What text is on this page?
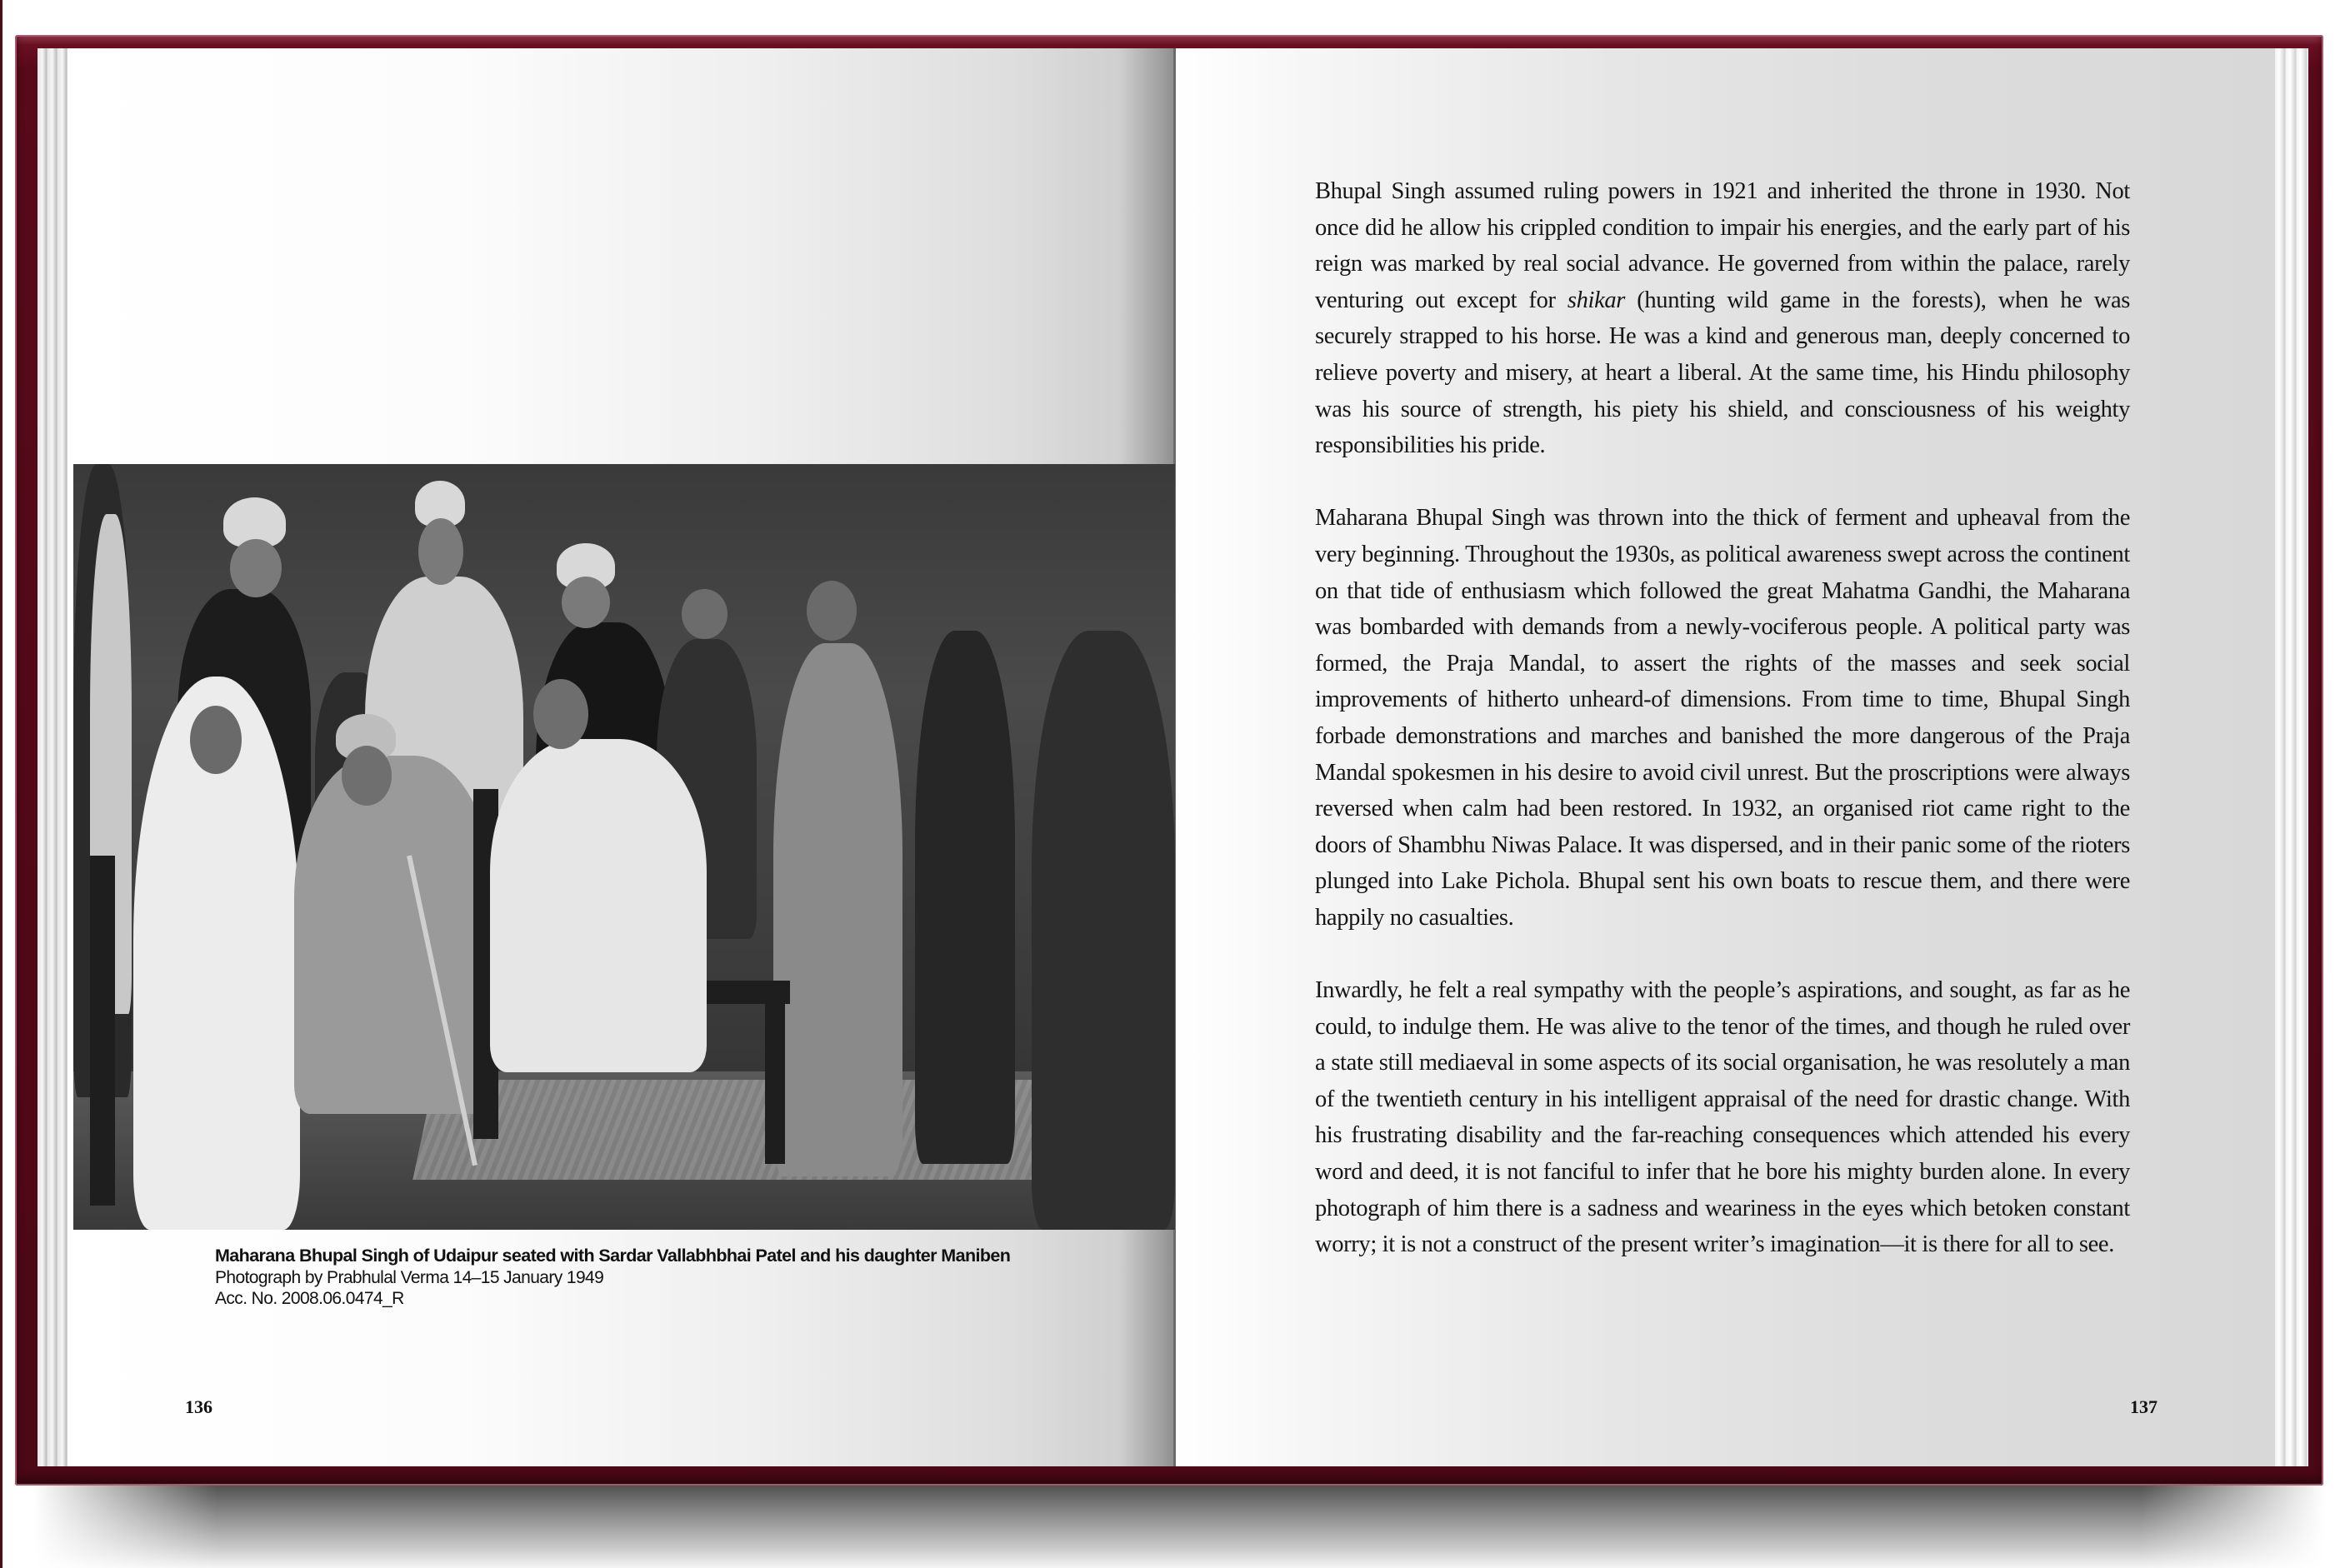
Maharana Bhupal Singh of Udaipur seated with Sardar Vallabhbhai Patel and his daughter Maniben
Photograph by Prabhulal Verma 14–15 January 1949
Acc. No. 2008.06.0474_R
136

Bhupal Singh assumed ruling powers in 1921 and inherited the throne in 1930. Not once did he allow his crippled condition to impair his energies, and the early part of his reign was marked by real social advance. He governed from within the palace, rarely venturing out except for shikar (hunting wild game in the forests), when he was securely strapped to his horse. He was a kind and generous man, deeply concerned to relieve poverty and misery, at heart a liberal. At the same time, his Hindu philosophy was his source of strength, his piety his shield, and consciousness of his weighty responsibilities his pride.

Maharana Bhupal Singh was thrown into the thick of ferment and upheaval from the very beginning. Throughout the 1930s, as political awareness swept across the continent on that tide of enthusiasm which followed the great Mahatma Gandhi, the Maharana was bombarded with demands from a newly-vociferous people. A political party was formed, the Praja Mandal, to assert the rights of the masses and seek social improvements of hitherto unheard-of dimensions. From time to time, Bhupal Singh forbade demonstrations and marches and banished the more dangerous of the Praja Mandal spokesmen in his desire to avoid civil unrest. But the proscriptions were always reversed when calm had been restored. In 1932, an organised riot came right to the doors of Shambhu Niwas Palace. It was dispersed, and in their panic some of the rioters plunged into Lake Pichola. Bhupal sent his own boats to rescue them, and there were happily no casualties.

Inwardly, he felt a real sympathy with the people’s aspirations, and sought, as far as he could, to indulge them. He was alive to the tenor of the times, and though he ruled over a state still mediaeval in some aspects of its social organisation, he was resolutely a man of the twentieth century in his intelligent appraisal of the need for drastic change. With his frustrating disability and the far-reaching consequences which attended his every word and deed, it is not fanciful to infer that he bore his mighty burden alone. In every photograph of him there is a sadness and weariness in the eyes which betoken constant worry; it is not a construct of the present writer’s imagination—it is there for all to see.

137
